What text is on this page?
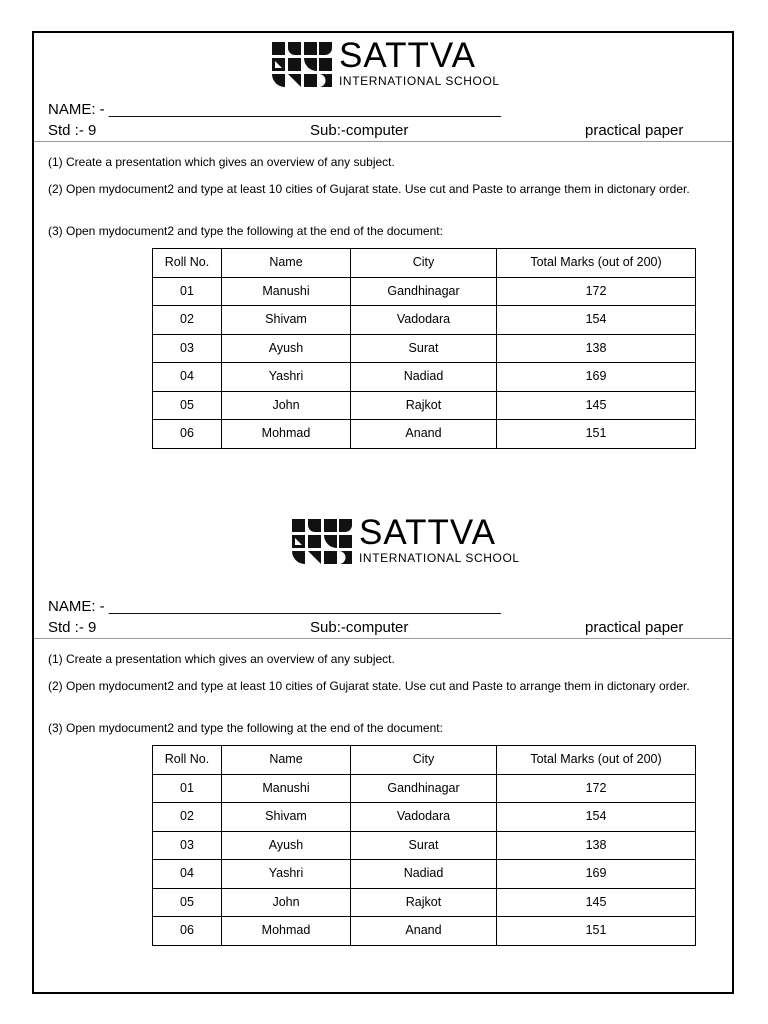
SATTVA
INTERNATIONAL SCHOOL
NAME: - _______________________________________________
Std :- 9	Sub:-computer	practical paper
(1) Create a presentation which gives an overview of any subject.
(2) Open mydocument2 and type at least 10 cities of Gujarat state. Use cut and Paste to arrange them in dictonary order.
(3) Open mydocument2 and type the following at the end of the document:
Roll No.	Name	City	Total Marks (out of 200)
01	Manushi	Gandhinagar	172
02	Shivam	Vadodara	154
03	Ayush	Surat	138
04	Yashri	Nadiad	169
05	John	Rajkot	145
06	Mohmad	Anand	151
SATTVA
INTERNATIONAL SCHOOL
NAME: - _______________________________________________
Std :- 9	Sub:-computer	practical paper
(1) Create a presentation which gives an overview of any subject.
(2) Open mydocument2 and type at least 10 cities of Gujarat state. Use cut and Paste to arrange them in dictonary order.
(3) Open mydocument2 and type the following at the end of the document:
Roll No.	Name	City	Total Marks (out of 200)
01	Manushi	Gandhinagar	172
02	Shivam	Vadodara	154
03	Ayush	Surat	138
04	Yashri	Nadiad	169
05	John	Rajkot	145
06	Mohmad	Anand	151
